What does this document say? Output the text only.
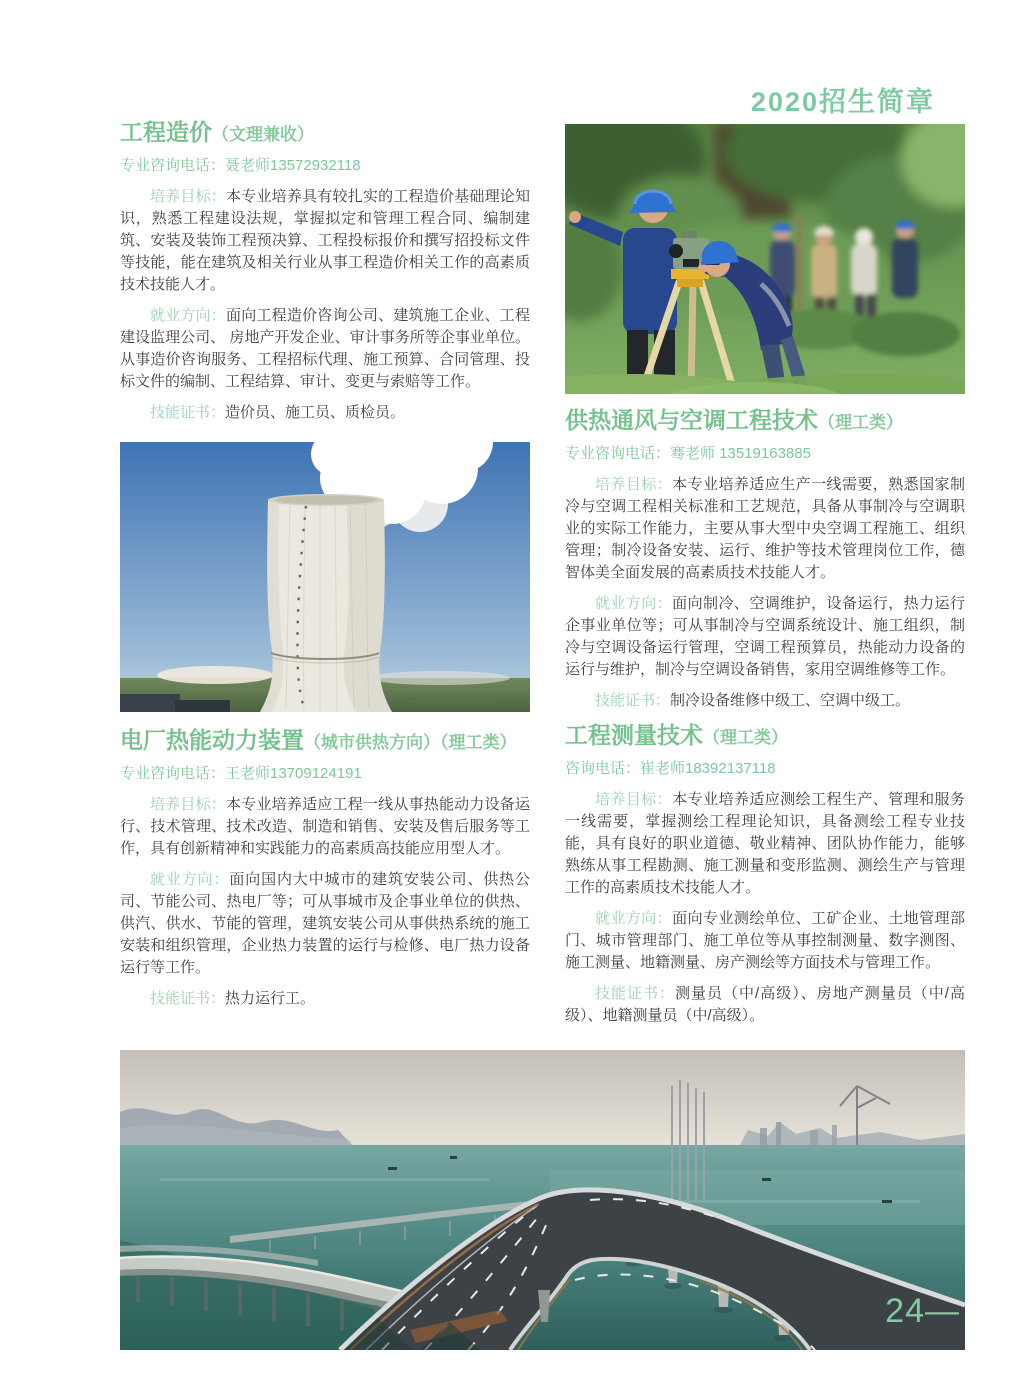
2020招生简章
工程造价（文理兼收）
专业咨询电话：聂老师13572932118

培养目标：本专业培养具有较扎实的工程造价基础理论知识，熟悉工程建设法规，掌握拟定和管理工程合同、编制建筑、安装及装饰工程预决算、工程投标报价和撰写招投标文件等技能，能在建筑及相关行业从事工程造价相关工作的高素质技术技能人才。

就业方向：面向工程造价咨询公司、建筑施工企业、工程建设监理公司、 房地产开发企业、审计事务所等企事业单位。从事造价咨询服务、工程招标代理、施工预算、合同管理、投标文件的编制、工程结算、审计、变更与索赔等工作。

技能证书：造价员、施工员、质检员。

电厂热能动力装置（城市供热方向）（理工类）
专业咨询电话：王老师13709124191

培养目标：本专业培养适应工程一线从事热能动力设备运行、技术管理、技术改造、制造和销售、安装及售后服务等工作，具有创新精神和实践能力的高素质高技能应用型人才。

就业方向：面向国内大中城市的建筑安装公司、供热公司、节能公司、热电厂等；可从事城市及企事业单位的供热、供汽、供水、节能的管理，建筑安装公司从事供热系统的施工安装和组织管理，企业热力装置的运行与检修、电厂热力设备运行等工作。

技能证书：热力运行工。

供热通风与空调工程技术（理工类）
专业咨询电话：骞老师 13519163885

培养目标：本专业培养适应生产一线需要，熟悉国家制冷与空调工程相关标准和工艺规范，具备从事制冷与空调职业的实际工作能力，主要从事大型中央空调工程施工、组织管理；制冷设备安装、运行、维护等技术管理岗位工作，德智体美全面发展的高素质技术技能人才。

就业方向：面向制冷、空调维护，设备运行，热力运行企事业单位等；可从事制冷与空调系统设计、施工组织，制冷与空调设备运行管理，空调工程预算员，热能动力设备的运行与维护，制冷与空调设备销售，家用空调维修等工作。

技能证书：制冷设备维修中级工、空调中级工。

工程测量技术（理工类）
咨询电话：崔老师18392137118

培养目标：本专业培养适应测绘工程生产、管理和服务一线需要，掌握测绘工程理论知识，具备测绘工程专业技能，具有良好的职业道德、敬业精神、团队协作能力，能够熟练从事工程勘测、施工测量和变形监测、测绘生产与管理工作的高素质技术技能人才。

就业方向：面向专业测绘单位、工矿企业、土地管理部门、城市管理部门、施工单位等从事控制测量、数字测图、施工测量、地籍测量、房产测绘等方面技术与管理工作。

技能证书：测量员（中/高级）、房地产测量员（中/高级）、地籍测量员（中/高级）。

24—
